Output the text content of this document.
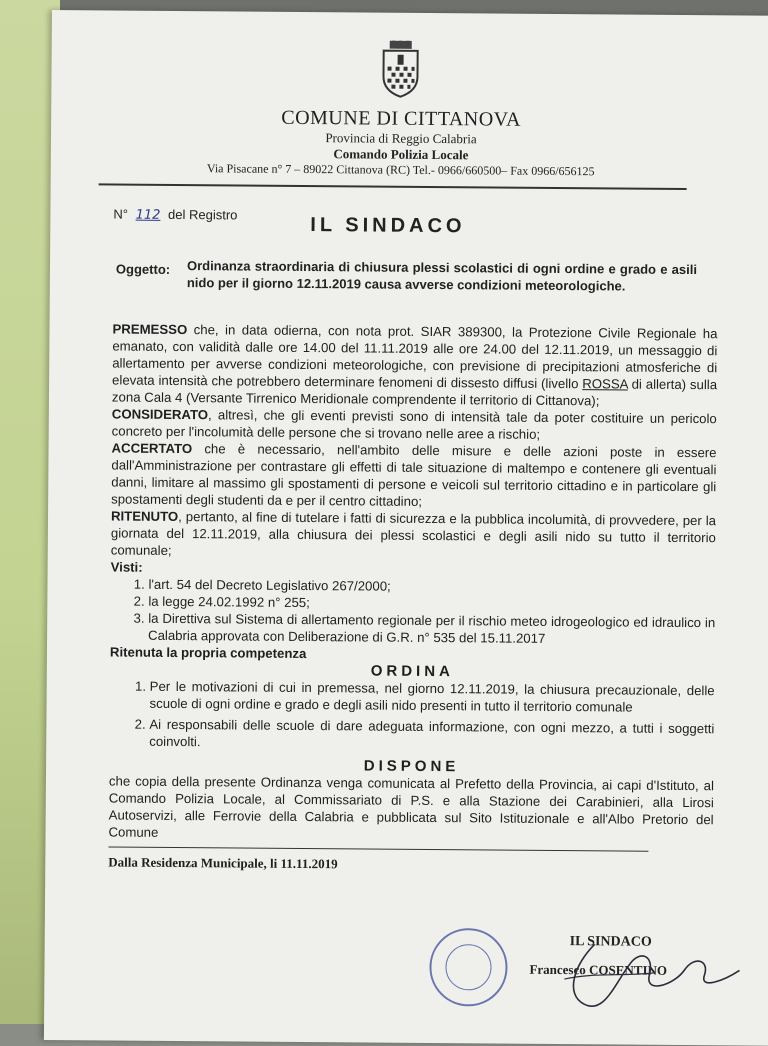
COMUNE DI CITTANOVA
Provincia di Reggio Calabria
Comando Polizia Locale
Via Pisacane n° 7 – 89022 Cittanova (RC) Tel.- 0966/660500– Fax 0966/656125
N° 112 del Registro	IL SINDACO
Oggetto: Ordinanza straordinaria di chiusura plessi scolastici di ogni ordine e grado e asili nido per il giorno 12.11.2019 causa avverse condizioni meteorologiche.

PREMESSO che, in data odierna, con nota prot. SIAR 389300, la Protezione Civile Regionale ha emanato, con validità dalle ore 14.00 del 11.11.2019 alle ore 24.00 del 12.11.2019, un messaggio di allertamento per avverse condizioni meteorologiche, con previsione di precipitazioni atmosferiche di elevata intensità che potrebbero determinare fenomeni di dissesto diffusi (livello ROSSA di allerta) sulla zona Cala 4 (Versante Tirrenico Meridionale comprendente il territorio di Cittanova);

CONSIDERATO, altresì, che gli eventi previsti sono di intensità tale da poter costituire un pericolo concreto per l'incolumità delle persone che si trovano nelle aree a rischio;

ACCERTATO che è necessario, nell'ambito delle misure e delle azioni poste in essere dall'Amministrazione per contrastare gli effetti di tale situazione di maltempo e contenere gli eventuali danni, limitare al massimo gli spostamenti di persone e veicoli sul territorio cittadino e in particolare gli spostamenti degli studenti da e per il centro cittadino;

RITENUTO, pertanto, al fine di tutelare i fatti di sicurezza e la pubblica incolumità, di provvedere, per la giornata del 12.11.2019, alla chiusura dei plessi scolastici e degli asili nido su tutto il territorio comunale;

Visti:

1. l'art. 54 del Decreto Legislativo 267/2000;
2. la legge 24.02.1992 n° 255;
3. la Direttiva sul Sistema di allertamento regionale per il rischio meteo idrogeologico ed idraulico in Calabria approvata con Deliberazione di G.R. n° 535 del 15.11.2017

Ritenuta la propria competenza

ORDINA

1. Per le motivazioni di cui in premessa, nel giorno 12.11.2019, la chiusura precauzionale, delle scuole di ogni ordine e grado e degli asili nido presenti in tutto il territorio comunale
2. Ai responsabili delle scuole di dare adeguata informazione, con ogni mezzo, a tutti i soggetti coinvolti.

DISPONE

che copia della presente Ordinanza venga comunicata al Prefetto della Provincia, ai capi d'Istituto, al Comando Polizia Locale, al Commissariato di P.S. e alla Stazione dei Carabinieri, alla Lirosi Autoservizi, alle Ferrovie della Calabria e pubblicata sul Sito Istituzionale e all'Albo Pretorio del Comune

Dalla Residenza Municipale, li 11.11.2019

IL SINDACO
Francesco COSENTINO
